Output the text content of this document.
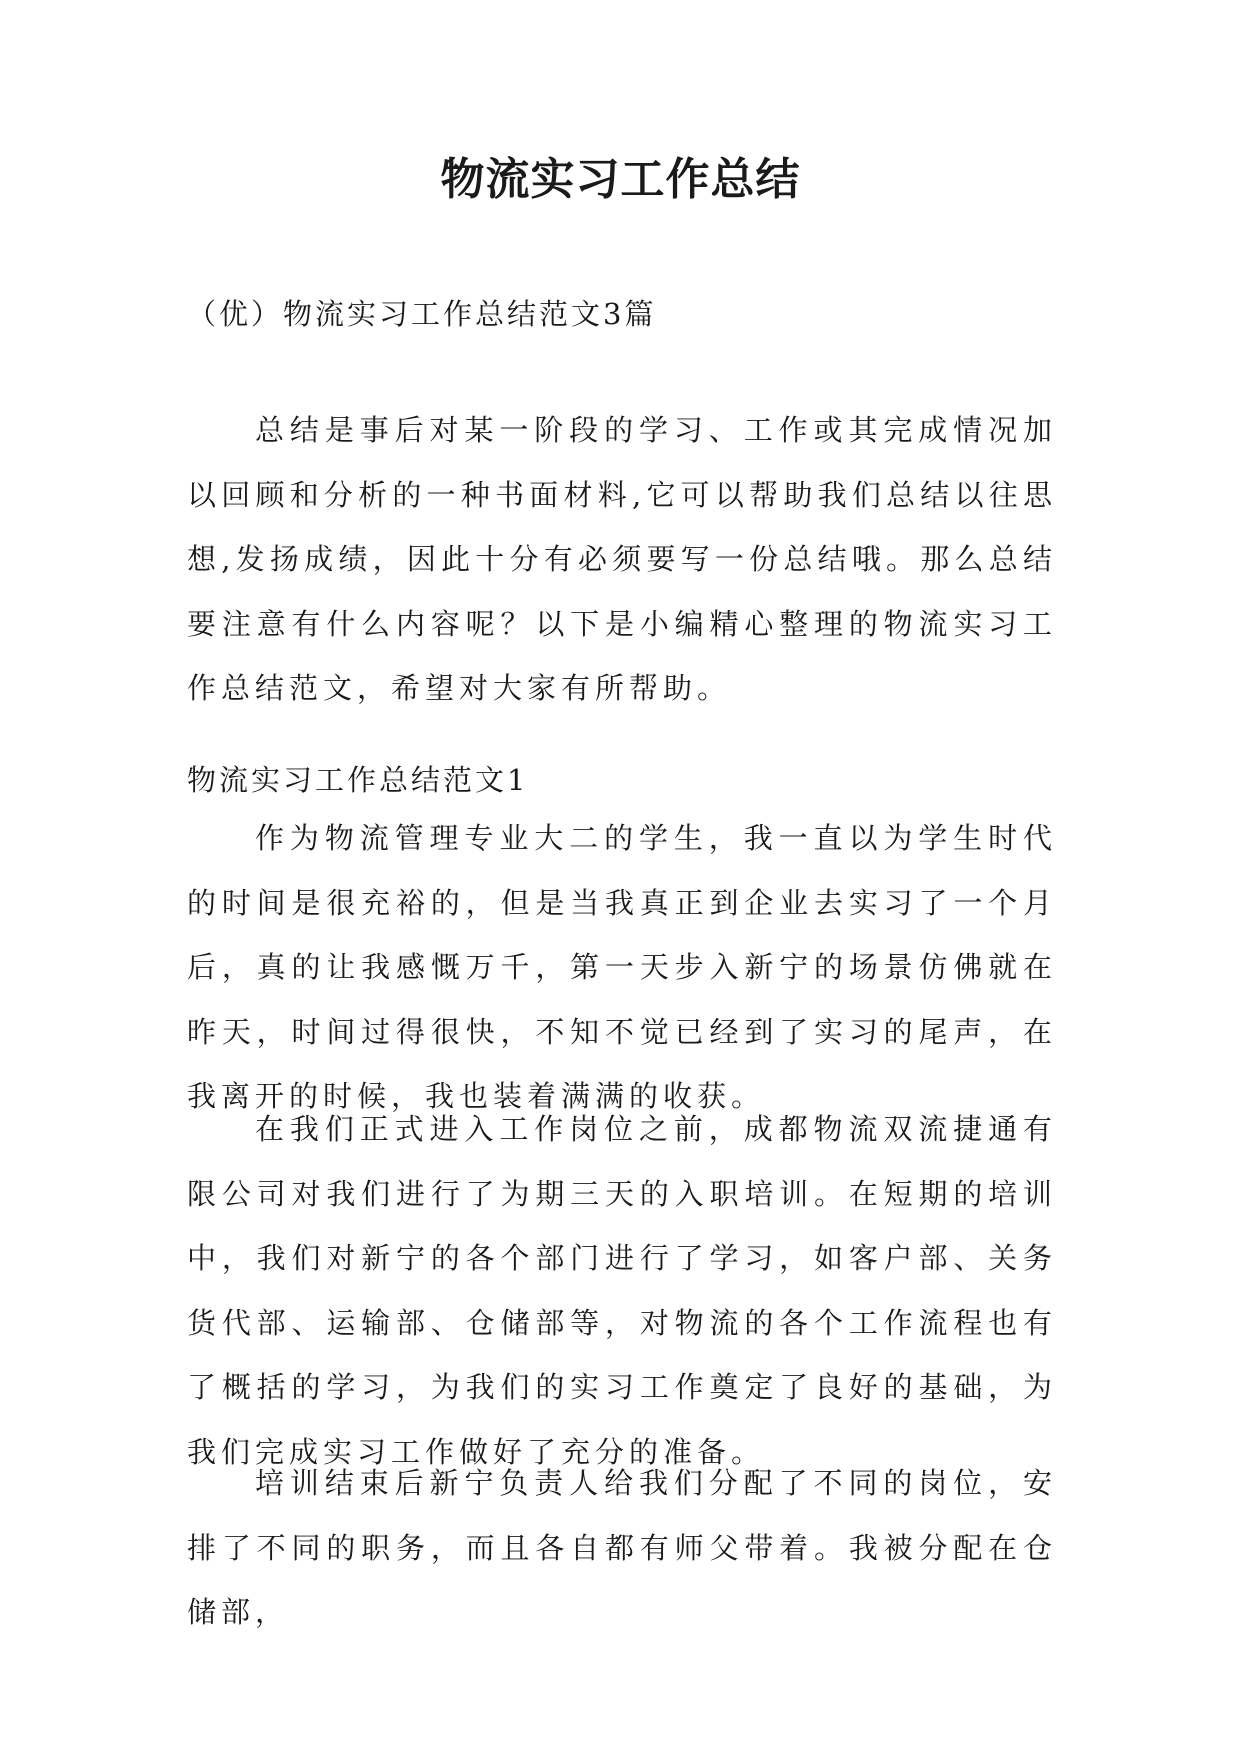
物流实习工作总结

（优）物流实习工作总结范文3篇

总结是事后对某一阶段的学习、工作或其完成情况加以回顾和分析的一种书面材料,它可以帮助我们总结以往思想,发扬成绩，因此十分有必须要写一份总结哦。那么总结要注意有什么内容呢？以下是小编精心整理的物流实习工作总结范文，希望对大家有所帮助。

物流实习工作总结范文1

作为物流管理专业大二的学生，我一直以为学生时代的时间是很充裕的，但是当我真正到企业去实习了一个月后，真的让我感慨万千，第一天步入新宁的场景仿佛就在昨天，时间过得很快，不知不觉已经到了实习的尾声，在我离开的时候，我也装着满满的收获。

在我们正式进入工作岗位之前，成都物流双流捷通有限公司对我们进行了为期三天的入职培训。在短期的培训中，我们对新宁的各个部门进行了学习，如客户部、关务货代部、运输部、仓储部等，对物流的各个工作流程也有了概括的学习，为我们的实习工作奠定了良好的基础，为我们完成实习工作做好了充分的准备。

培训结束后新宁负责人给我们分配了不同的岗位，安排了不同的职务，而且各自都有师父带着。我被分配在仓储部，
